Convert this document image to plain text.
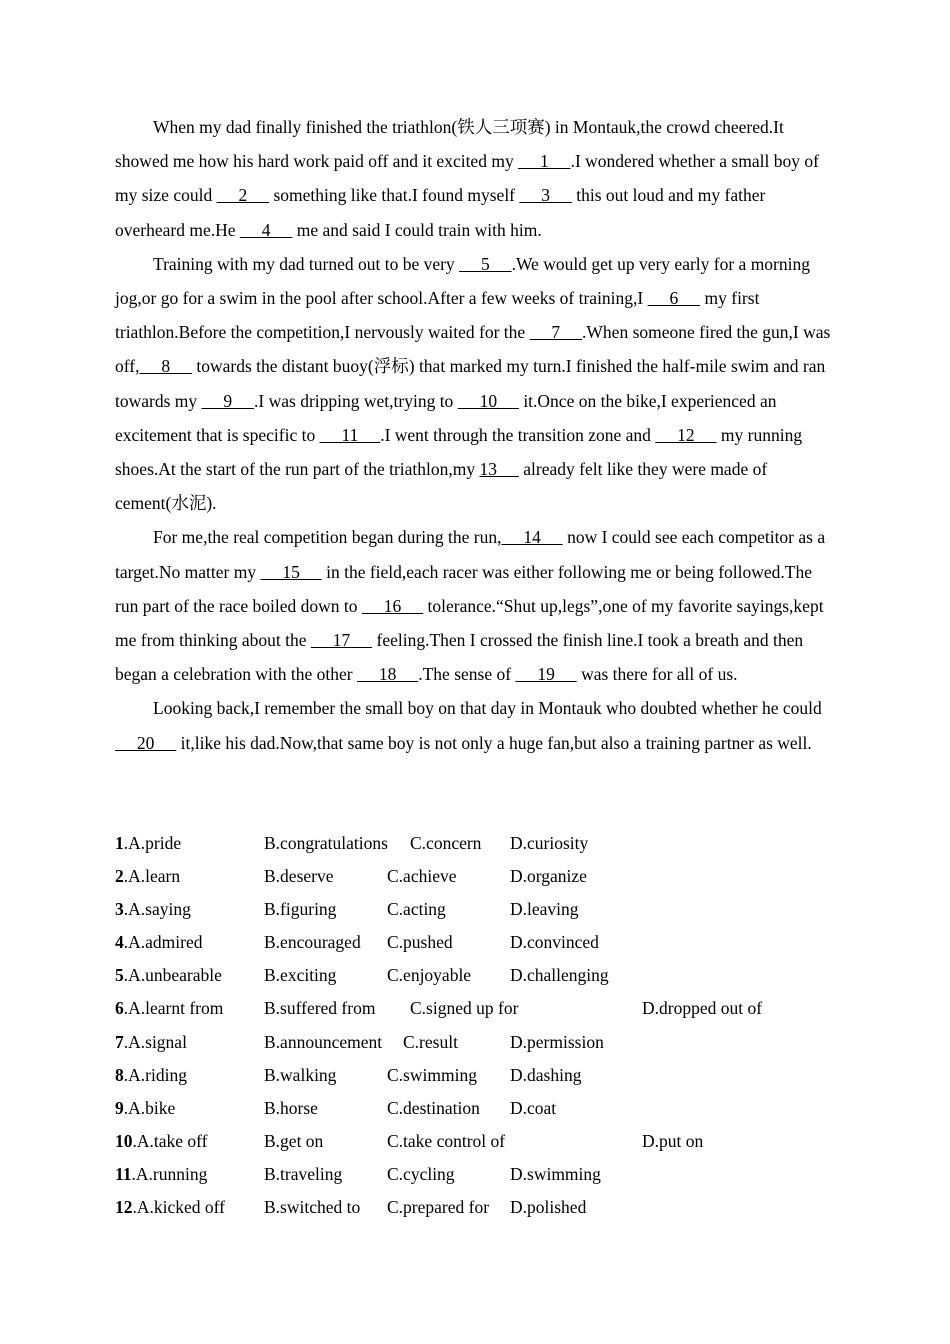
When my dad finally finished the triathlon(铁人三项赛) in Montauk,the crowd cheered.It showed me how his hard work paid off and it excited my      1     .I wondered whether a small boy of my size could      2      something like that.I found myself      3      this out loud and my father overheard me.He      4      me and said I could train with him.

Training with my dad turned out to be very      5     .We would get up very early for a morning jog,or go for a swim in the pool after school.After a few weeks of training,I      6      my first triathlon.Before the competition,I nervously waited for the      7     .When someone fired the gun,I was off,     8      towards the distant buoy(浮标) that marked my turn.I finished the half-mile swim and ran towards my      9     .I was dripping wet,trying to      10      it.Once on the bike,I experienced an excitement that is specific to      11     .I went through the transition zone and      12      my running shoes.At the start of the run part of the triathlon,my 13      already felt like they were made of cement(水泥).

For me,the real competition began during the run,     14      now I could see each competitor as a target.No matter my      15      in the field,each racer was either following me or being followed.The run part of the race boiled down to      16      tolerance.“Shut up,legs”,one of my favorite sayings,kept me from thinking about the      17      feeling.Then I crossed the finish line.I took a breath and then began a celebration with the other      18     .The sense of      19      was there for all of us.

Looking back,I remember the small boy on that day in Montauk who doubted whether he could      20      it,like his dad.Now,that same boy is not only a huge fan,but also a training partner as well.

1.A.pride	B.congratulations C.concern D.curiosity
2.A.learn	B.deserve	C.achieve	D.organize
3.A.saying	B.figuring	C.acting	D.leaving
4.A.admired	B.encouraged C.pushed	D.convinced
5.A.unbearable B.exciting	C.enjoyable D.challenging
6.A.learnt from B.suffered from C.signed up for	D.dropped out of
7.A.signal	B.announcement C.result	D.permission
8.A.riding	B.walking	C.swimming D.dashing
9.A.bike	B.horse	C.destination D.coat
10.A.take off	B.get on	C.take control of	D.put on
11.A.running	B.traveling	C.cycling	D.swimming
12.A.kicked off B.switched to C.prepared for D.polished
